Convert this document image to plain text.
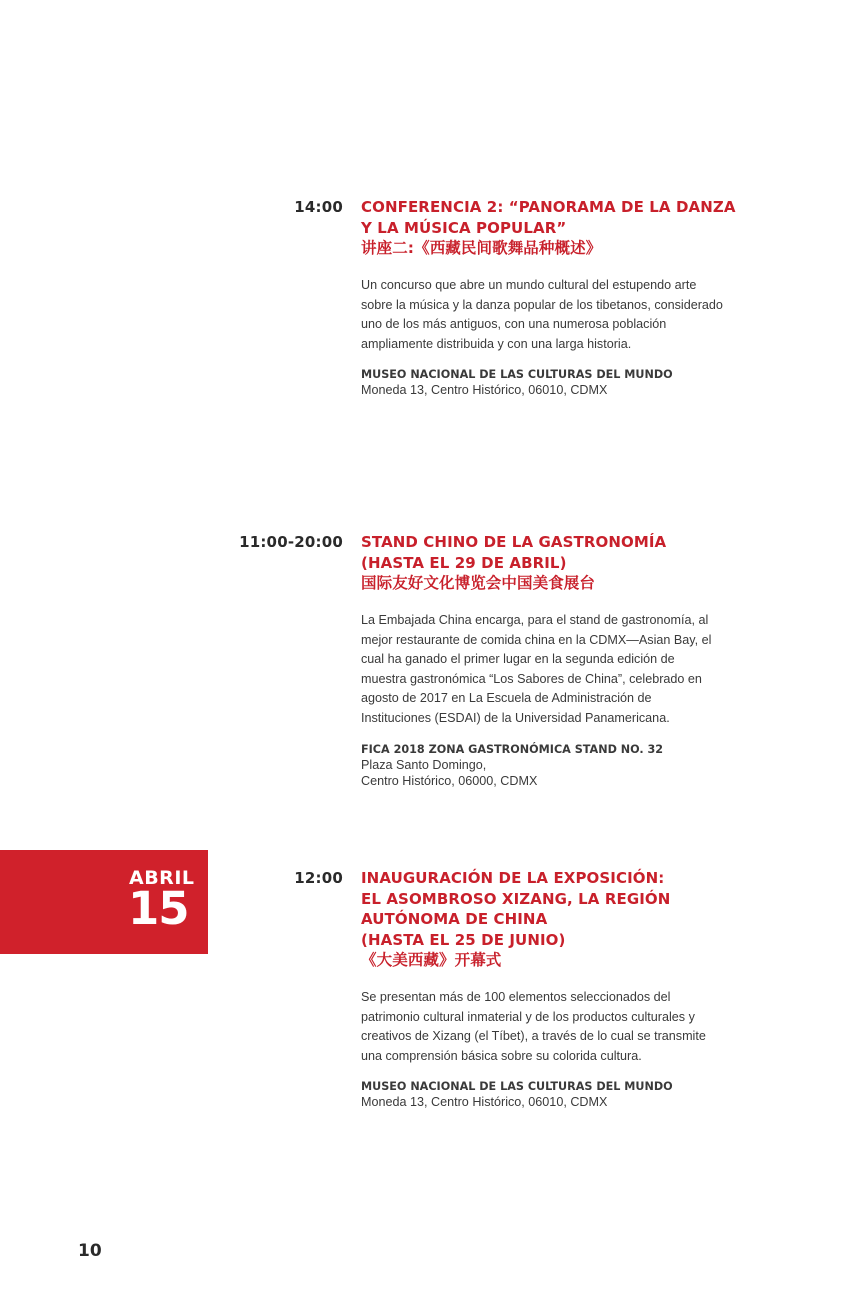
14:00 CONFERENCIA 2: “PANORAMA DE LA DANZA
Y LA MÚSICA POPULAR”
讲座二:《西藏民间歌舞品种概述》

Un concurso que abre un mundo cultural del estupendo arte sobre la música y la danza popular de los tibetanos, considerado uno de los más antiguos, con una numerosa población ampliamente distribuida y con una larga historia.

MUSEO NACIONAL DE LAS CULTURAS DEL MUNDO
Moneda 13, Centro Histórico, 06010, CDMX
11:00-20:00 STAND CHINO DE LA GASTRONOMÍA
(HASTA EL 29 DE ABRIL)
国际友好文化博览会中国美食展台

La Embajada China encarga, para el stand de gastronomía, al mejor restaurante de comida china en la CDMX—Asian Bay, el cual ha ganado el primer lugar en la segunda edición de muestra gastronómica “Los Sabores de China”, celebrado en agosto de 2017 en La Escuela de Administración de Instituciones (ESDAI) de la Universidad Panamericana.

FICA 2018 ZONA GASTRONÓMICA STAND NO. 32
Plaza Santo Domingo,
Centro Histórico, 06000, CDMX
ABRIL
15
12:00 INAUGURACIÓN DE LA EXPOSICIÓN:
EL ASOMBROSO XIZANG, LA REGIÓN
AUTÓNOMA DE CHINA
(HASTA EL 25 DE JUNIO)
《大美西藏》开幕式

Se presentan más de 100 elementos seleccionados del patrimonio cultural inmaterial y de los productos culturales y creativos de Xizang (el Tíbet), a través de lo cual se transmite una comprensión básica sobre su colorida cultura.

MUSEO NACIONAL DE LAS CULTURAS DEL MUNDO
Moneda 13, Centro Histórico, 06010, CDMX
10
